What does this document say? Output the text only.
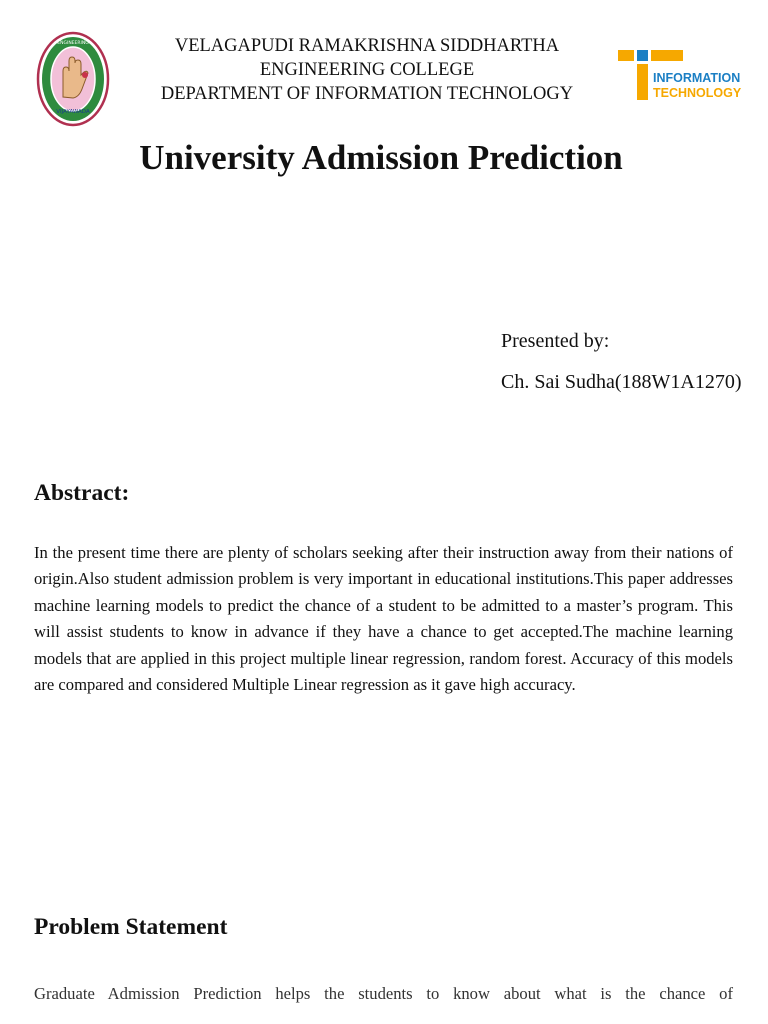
VIJAYAWADA
ENGINEERING	VELAGAPUDI RAMAKRISHNA SIDDHARTHA
ENGINEERING COLLEGE
DEPARTMENT OF INFORMATION TECHNOLOGY
INFORMATION
TECHNOLOGY
University Admission Prediction
Presented by:
Ch. Sai Sudha(188W1A1270)
Abstract:

In the present time there are plenty of scholars seeking after their instruction away from their nations of origin.Also student admission problem is very important in educational institutions.This paper addresses machine learning models to predict the chance of a student to be admitted to a master’s program. This will assist students to know in advance if they have a chance to get accepted.The machine learning models that are applied in this project multiple linear regression, random forest. Accuracy of this models are compared and considered Multiple Linear regression as it gave high accuracy.

Problem Statement

Graduate Admission Prediction helps the students to know about what is the chance of
